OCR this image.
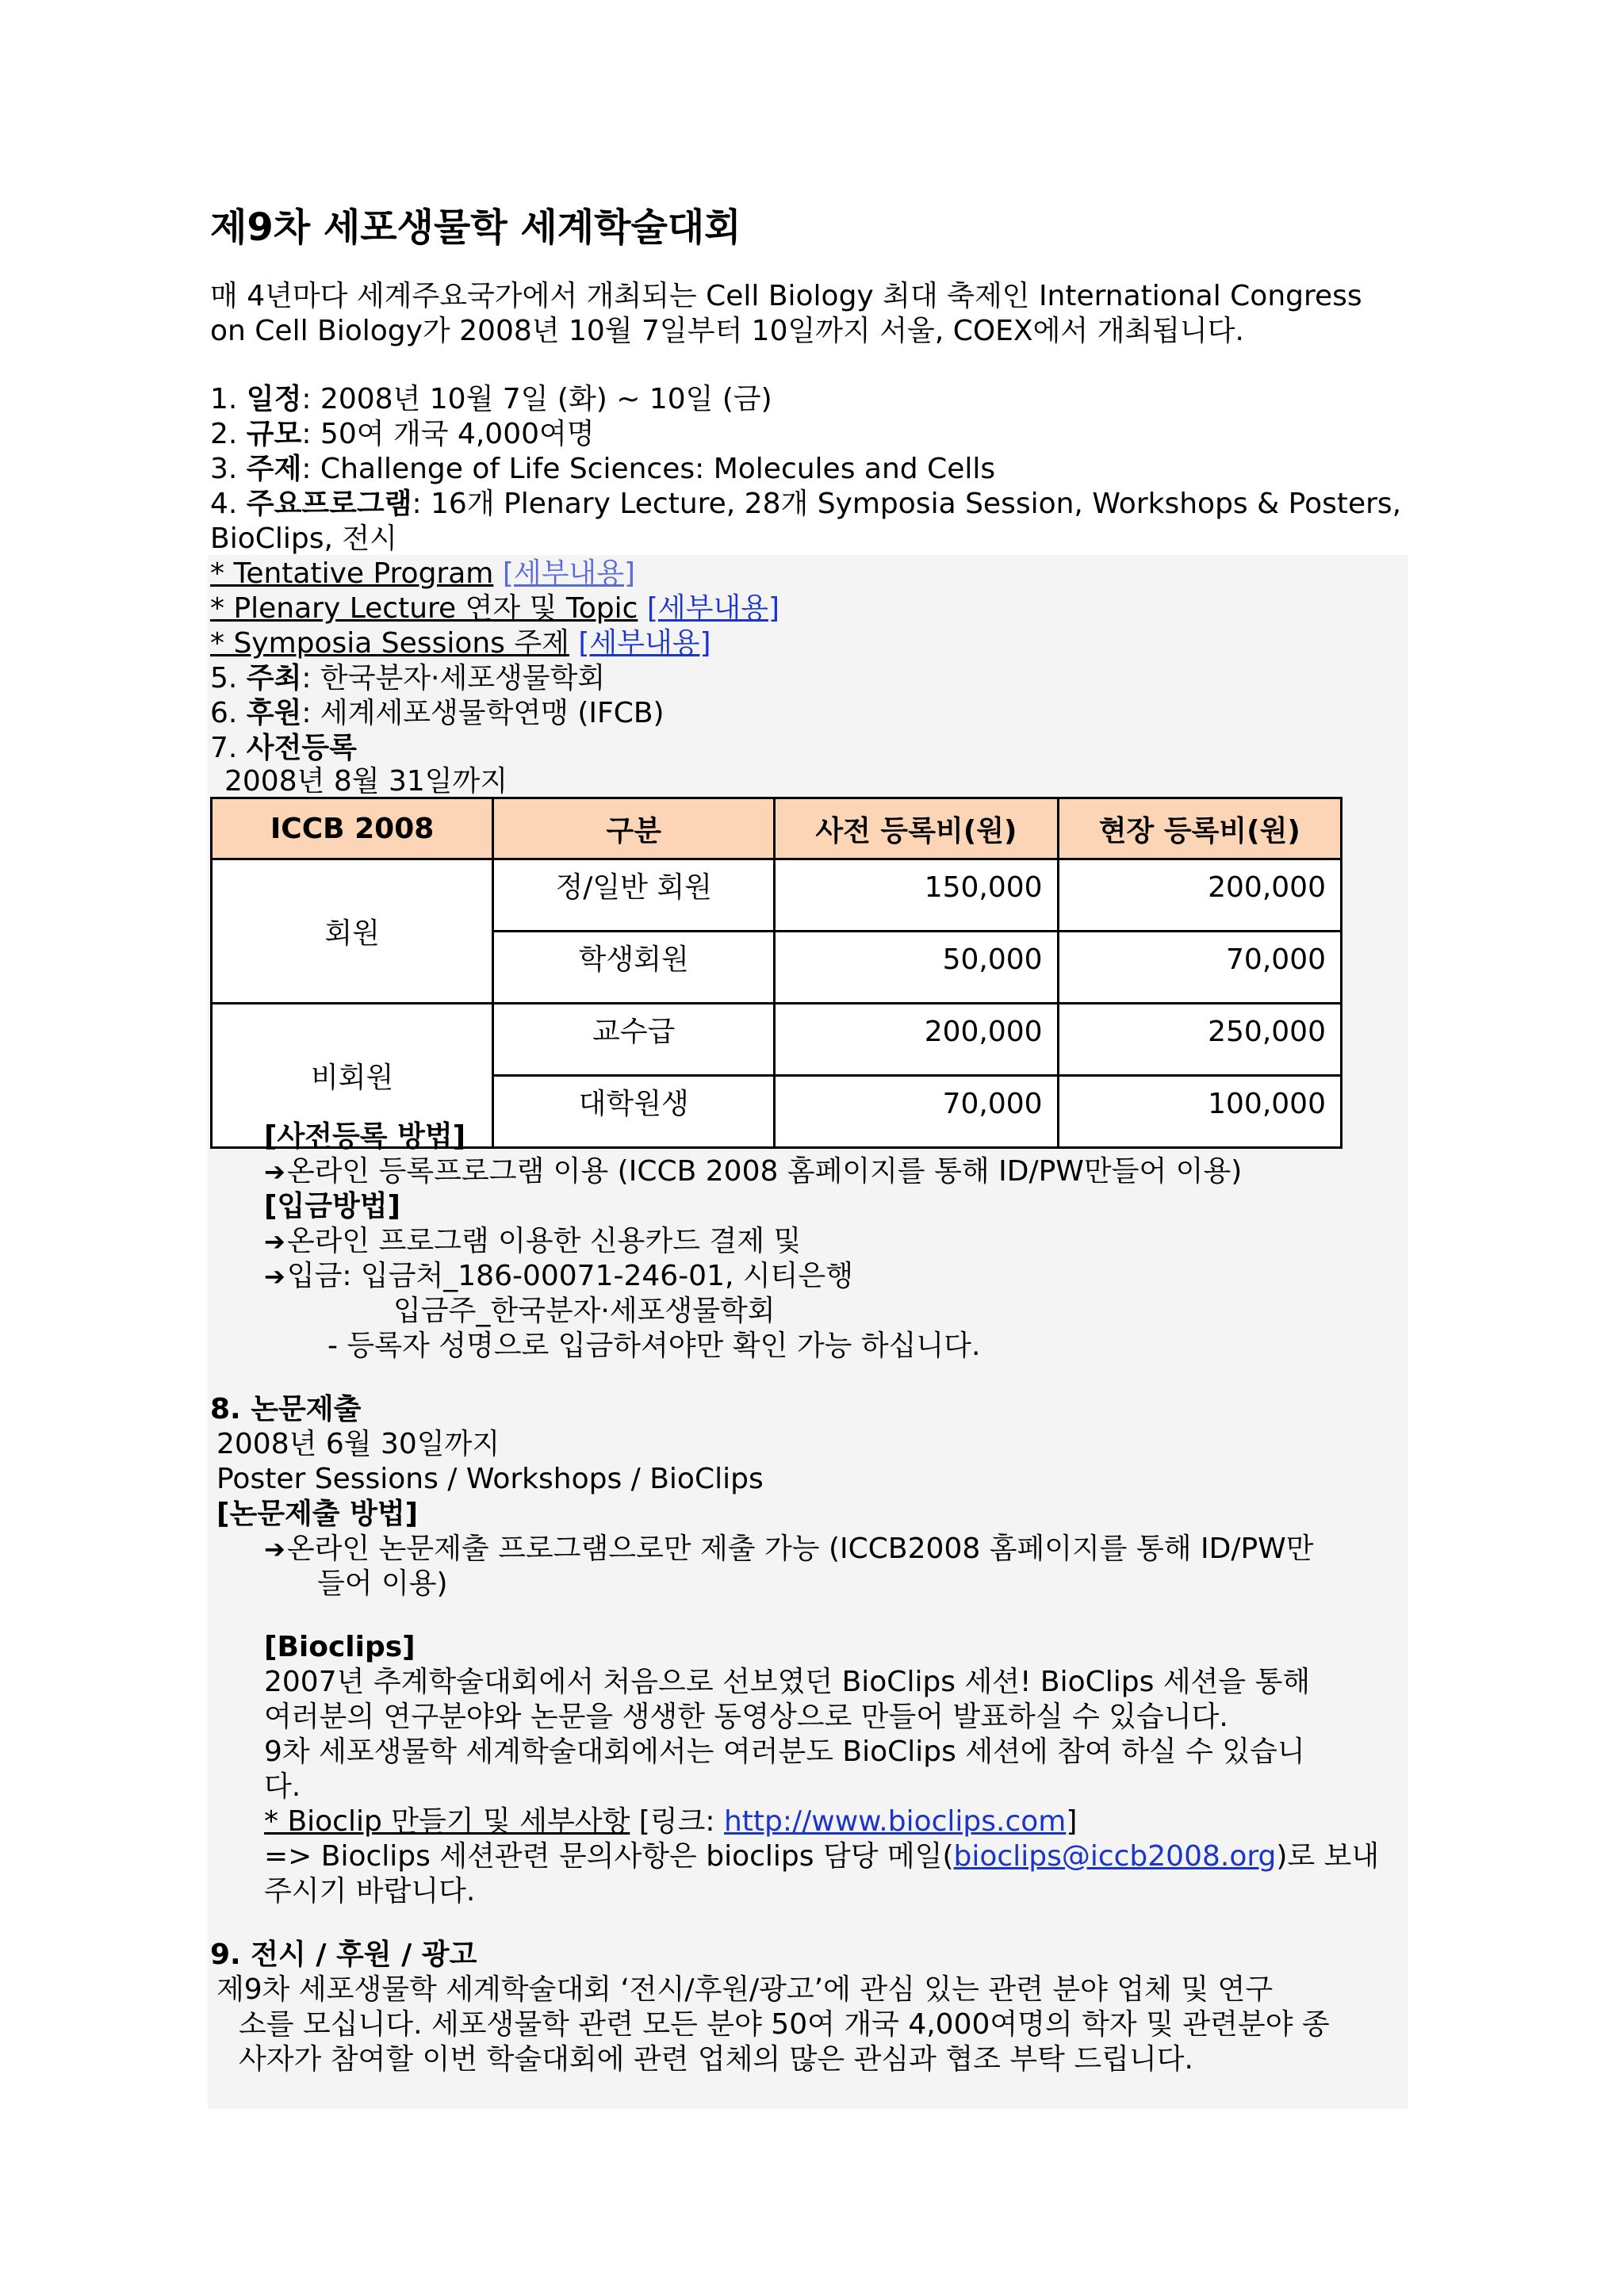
제9차 세포생물학 세계학술대회
매 4년마다 세계주요국가에서 개최되는 Cell Biology 최대 축제인 International Congress
on Cell Biology가 2008년 10월 7일부터 10일까지 서울, COEX에서 개최됩니다.
1. 일정: 2008년 10월 7일 (화) ~ 10일 (금)
2. 규모: 50여 개국 4,000여명
3. 주제: Challenge of Life Sciences: Molecules and Cells
4. 주요프로그램: 16개 Plenary Lecture, 28개 Symposia Session, Workshops & Posters,
BioClips, 전시
* Tentative Program [세부내용]
* Plenary Lecture 연자 및 Topic [세부내용]
* Symposia Sessions 주제 [세부내용]
5. 주최: 한국분자·세포생물학회
6. 후원: 세계세포생물학연맹 (IFCB)
7. 사전등록
2008년 8월 31일까지
ICCB 2008	구분	사전 등록비(원)	현장 등록비(원)
회원	정/일반 회원	150,000	200,000
	학생회원	50,000	70,000
비회원	교수급	200,000	250,000
	대학원생	70,000	100,000
[사전등록 방법]
➔온라인 등록프로그램 이용 (ICCB 2008 홈페이지를 통해 ID/PW만들어 이용)
[입금방법]
➔온라인 프로그램 이용한 신용카드 결제 및
➔입금: 입금처_186-00071-246-01, 시티은행
입금주_한국분자·세포생물학회
- 등록자 성명으로 입금하셔야만 확인 가능 하십니다.
8. 논문제출
2008년 6월 30일까지
Poster Sessions / Workshops / BioClips
[논문제출 방법]
➔온라인 논문제출 프로그램으로만 제출 가능 (ICCB2008 홈페이지를 통해 ID/PW만
들어 이용)
[Bioclips]
2007년 추계학술대회에서 처음으로 선보였던 BioClips 세션! BioClips 세션을 통해
여러분의 연구분야와 논문을 생생한 동영상으로 만들어 발표하실 수 있습니다.
9차 세포생물학 세계학술대회에서는 여러분도 BioClips 세션에 참여 하실 수 있습니
다.
* Bioclip 만들기 및 세부사항 [링크: http://www.bioclips.com]
=> Bioclips 세션관련 문의사항은 bioclips 담당 메일(bioclips@iccb2008.org)로 보내
주시기 바랍니다.
9. 전시 / 후원 / 광고
제9차 세포생물학 세계학술대회 ‘전시/후원/광고’에 관심 있는 관련 분야 업체 및 연구
소를 모십니다. 세포생물학 관련 모든 분야 50여 개국 4,000여명의 학자 및 관련분야 종
사자가 참여할 이번 학술대회에 관련 업체의 많은 관심과 협조 부탁 드립니다.
